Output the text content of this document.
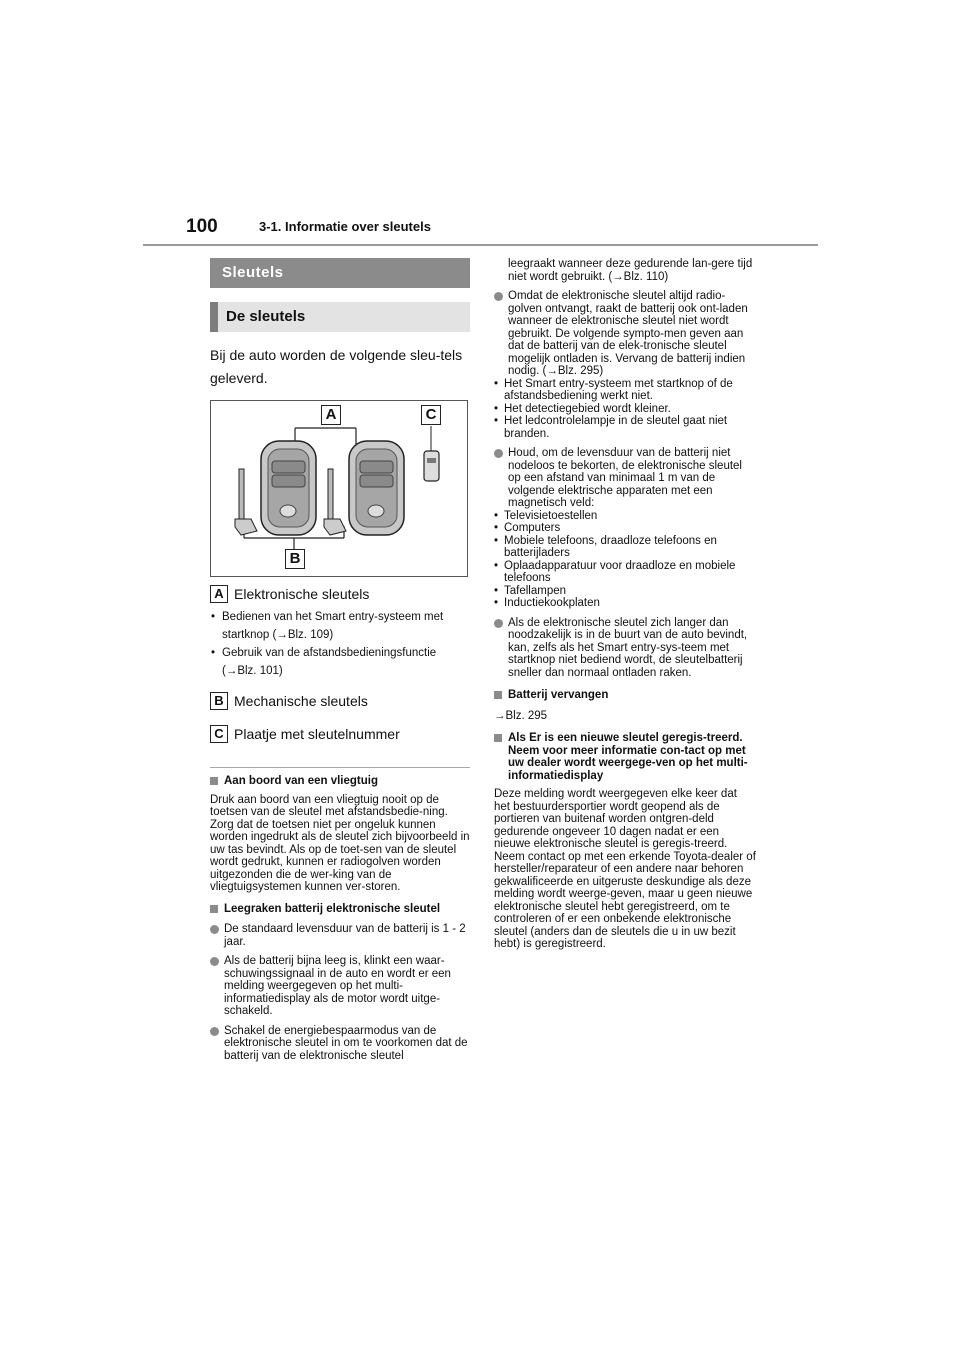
100	3-1. Informatie over sleutels
Sleutels
De sleutels
Bij de auto worden de volgende sleu-tels geleverd.
A	C
B
A Elektronische sleutels
• Bedienen van het Smart entry-systeem met startknop (→Blz. 109)
• Gebruik van de afstandsbedieningsfunctie (→Blz. 101)
B Mechanische sleutels
C Plaatje met sleutelnummer
Aan boord van een vliegtuig

Druk aan boord van een vliegtuig nooit op de toetsen van de sleutel met afstandsbedie-ning. Zorg dat de toetsen niet per ongeluk kunnen worden ingedrukt als de sleutel zich bijvoorbeeld in uw tas bevindt. Als op de toet-sen van de sleutel wordt gedrukt, kunnen er radiogolven worden uitgezonden die de wer-king van de vliegtuigsystemen kunnen ver-storen.

Leegraken batterij elektronische sleutel
De standaard levensduur van de batterij is 1 - 2 jaar.
Als de batterij bijna leeg is, klinkt een waar-schuwingssignaal in de auto en wordt er een melding weergegeven op het multi-informatiedisplay als de motor wordt uitge-schakeld.
Schakel de energiebespaarmodus van de elektronische sleutel in om te voorkomen dat de batterij van de elektronische sleutel
leegraakt wanneer deze gedurende lan-gere tijd niet wordt gebruikt. (→Blz. 110)
Omdat de elektronische sleutel altijd radio-golven ontvangt, raakt de batterij ook ont-laden wanneer de elektronische sleutel niet wordt gebruikt. De volgende sympto-men geven aan dat de batterij van de elek-tronische sleutel mogelijk ontladen is. Vervang de batterij indien nodig. (→Blz. 295)
• Het Smart entry-systeem met startknop of de afstandsbediening werkt niet.
• Het detectiegebied wordt kleiner.
• Het ledcontrolelampje in de sleutel gaat niet branden.
Houd, om de levensduur van de batterij niet nodeloos te bekorten, de elektronische sleutel op een afstand van minimaal 1 m van de volgende elektrische apparaten met een magnetisch veld:
• Televisietoestellen
• Computers
• Mobiele telefoons, draadloze telefoons en batterijladers
• Oplaadapparatuur voor draadloze en mobiele telefoons
• Tafellampen
• Inductiekookplaten
Als de elektronische sleutel zich langer dan noodzakelijk is in de buurt van de auto bevindt, kan, zelfs als het Smart entry-sys-teem met startknop niet bediend wordt, de sleutelbatterij sneller dan normaal ontladen raken.
Batterij vervangen

→Blz. 295

Als Er is een nieuwe sleutel geregis-treerd. Neem voor meer informatie con-tact op met uw dealer wordt weergege-ven op het multi-informatiedisplay

Deze melding wordt weergegeven elke keer dat het bestuurdersportier wordt geopend als de portieren van buitenaf worden ontgren-deld gedurende ongeveer 10 dagen nadat er een nieuwe elektronische sleutel is geregis-treerd.

Neem contact op met een erkende Toyota-dealer of hersteller/reparateur of een andere naar behoren gekwalificeerde en uitgeruste deskundige als deze melding wordt weerge-geven, maar u geen nieuwe elektronische sleutel hebt geregistreerd, om te controleren of er een onbekende elektronische sleutel (anders dan de sleutels die u in uw bezit hebt) is geregistreerd.
